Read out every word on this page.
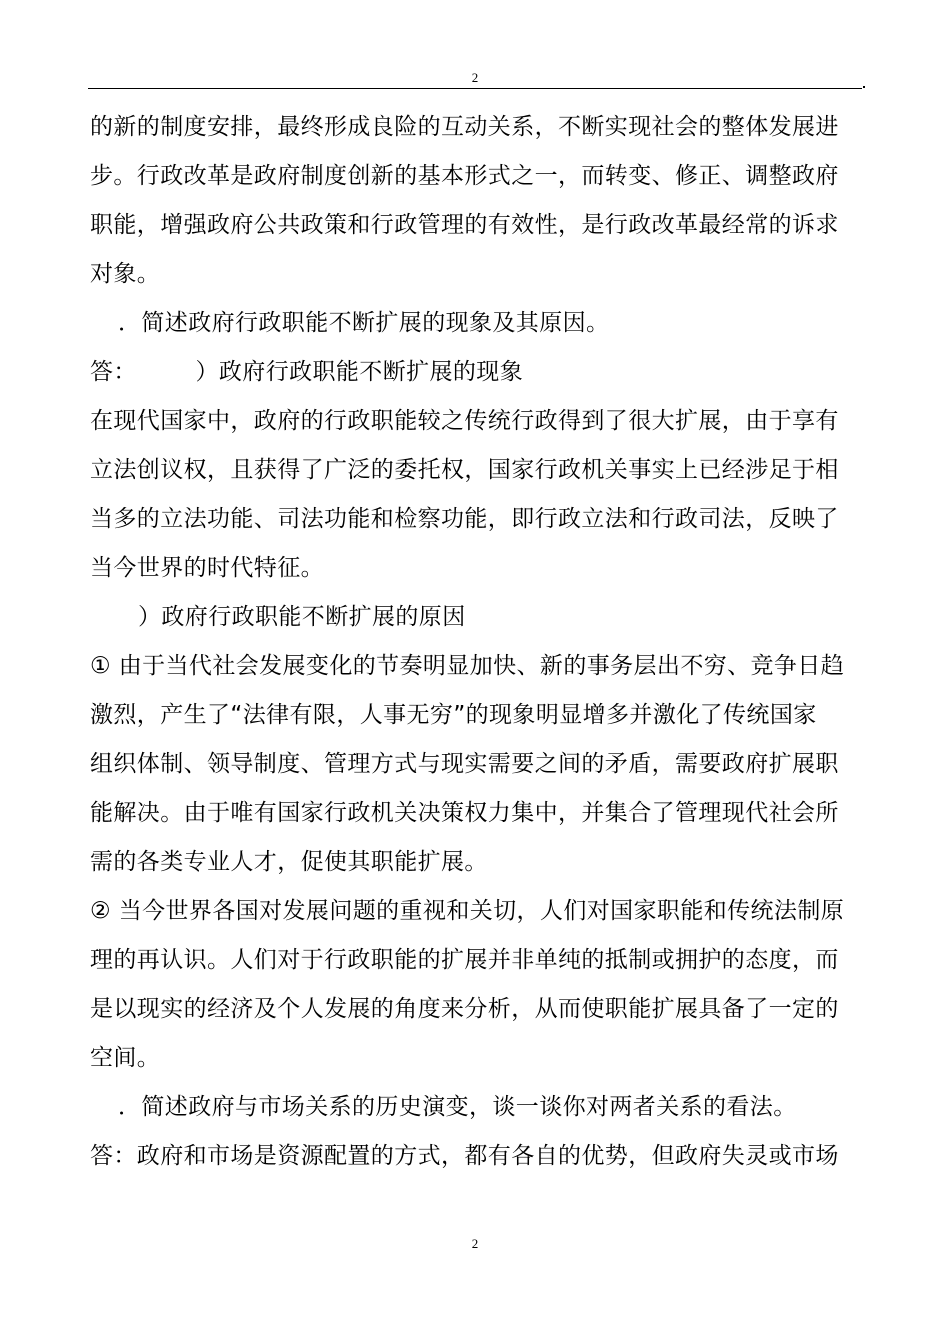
2
的新的制度安排，最终形成良险的互动关系，不断实现社会的整体发展进
步。行政改革是政府制度创新的基本形式之一，而转变、修正、调整政府
职能，增强政府公共政策和行政管理的有效性，是行政改革最经常的诉求
对象。
．简述政府行政职能不断扩展的现象及其原因。
答：　　　）政府行政职能不断扩展的现象
在现代国家中，政府的行政职能较之传统行政得到了很大扩展，由于享有
立法创议权，且获得了广泛的委托权，国家行政机关事实上已经涉足于相
当多的立法功能、司法功能和检察功能，即行政立法和行政司法，反映了
当今世界的时代特征。
）政府行政职能不断扩展的原因
① 由于当代社会发展变化的节奏明显加快、新的事务层出不穷、竞争日趋
激烈，产生了“法律有限，人事无穷”的现象明显增多并激化了传统国家
组织体制、领导制度、管理方式与现实需要之间的矛盾，需要政府扩展职
能解决。由于唯有国家行政机关决策权力集中，并集合了管理现代社会所
需的各类专业人才，促使其职能扩展。
② 当今世界各国对发展问题的重视和关切，人们对国家职能和传统法制原
理的再认识。人们对于行政职能的扩展并非单纯的抵制或拥护的态度，而
是以现实的经济及个人发展的角度来分析，从而使职能扩展具备了一定的
空间。
．简述政府与市场关系的历史演变，谈一谈你对两者关系的看法。
答：政府和市场是资源配置的方式，都有各自的优势，但政府失灵或市场
2
